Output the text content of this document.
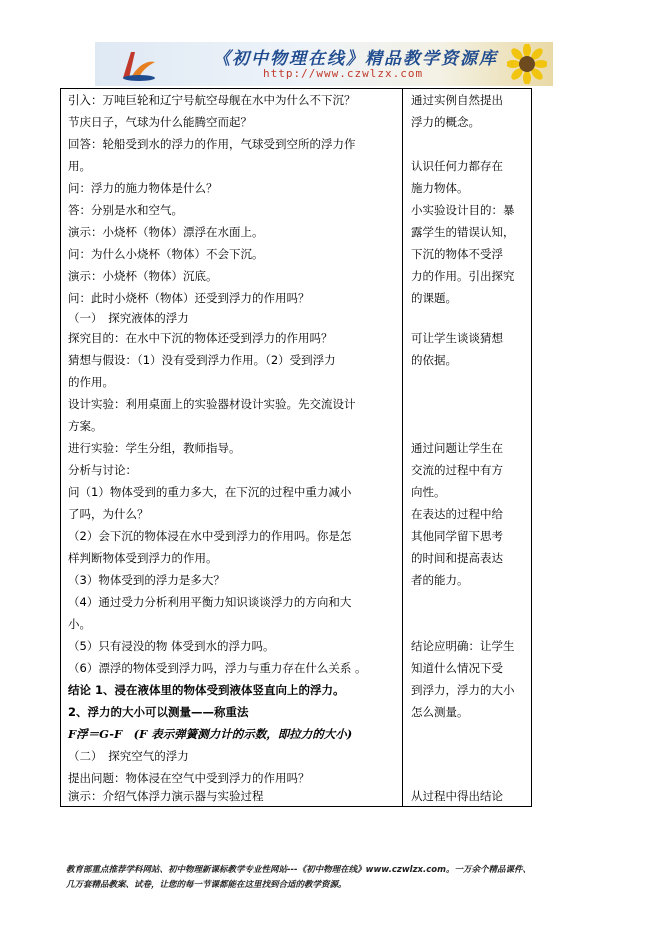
《初中物理在线》精品教学资源库
http://www.czwlzx.com
引入：万吨巨轮和辽宁号航空母舰在水中为什么不下沉？
节庆日子，气球为什么能腾空而起？
回答：轮船受到水的浮力的作用，气球受到空所的浮力作
用。
问：浮力的施力物体是什么？
答：分别是水和空气。
演示：小烧杯（物体）漂浮在水面上。
问：为什么小烧杯（物体）不会下沉。
演示：小烧杯（物体）沉底。
问：此时小烧杯（物体）还受到浮力的作用吗？
（一）　探究液体的浮力
探究目的：在水中下沉的物体还受到浮力的作用吗？
猜想与假设：（1）没有受到浮力作用。（2）受到浮力
的作用。
设计实验：利用桌面上的实验器材设计实验。先交流设计
方案。
进行实验：学生分组，教师指导。
分析与讨论：
问（1）物体受到的重力多大，在下沉的过程中重力减小
了吗，为什么？
（2）会下沉的物体浸在水中受到浮力的作用吗。你是怎
样判断物体受到浮力的作用。
（3）物体受到的浮力是多大？
（4）通过受力分析利用平衡力知识谈谈浮力的方向和大
小。
（5）只有浸没的物 体受到水的浮力吗。
（6）漂浮的物体受到浮力吗，浮力与重力存在什么关系 。
结论 1、浸在液体里的物体受到液体竖直向上的浮力。
2、浮力的大小可以测量——称重法
F浮＝G-F　(F 表示弹簧测力计的示数，即拉力的大小)
（二）　探究空气的浮力
提出问题：物体浸在空气中受到浮力的作用吗？
演示：介绍气体浮力演示器与实验过程
通过实例自然提出
浮力的概念。
认识任何力都存在
施力物体。
小实验设计目的：暴
露学生的错误认知，
下沉的物体不受浮
力的作用。引出探究
的课题。
可让学生谈谈猜想
的依据。
通过问题让学生在
交流的过程中有方
向性。
在表达的过程中给
其他同学留下思考
的时间和提高表达
者的能力。
结论应明确：让学生
知道什么情况下受
到浮力，浮力的大小
怎么测量。
从过程中得出结论
教育部重点推荐学科网站、初中物理新课标教学专业性网站---《初中物理在线》www.czwlzx.com。一万余个精品课件、
几万套精品教案、试卷，让您的每一节课都能在这里找到合适的教学资源。
